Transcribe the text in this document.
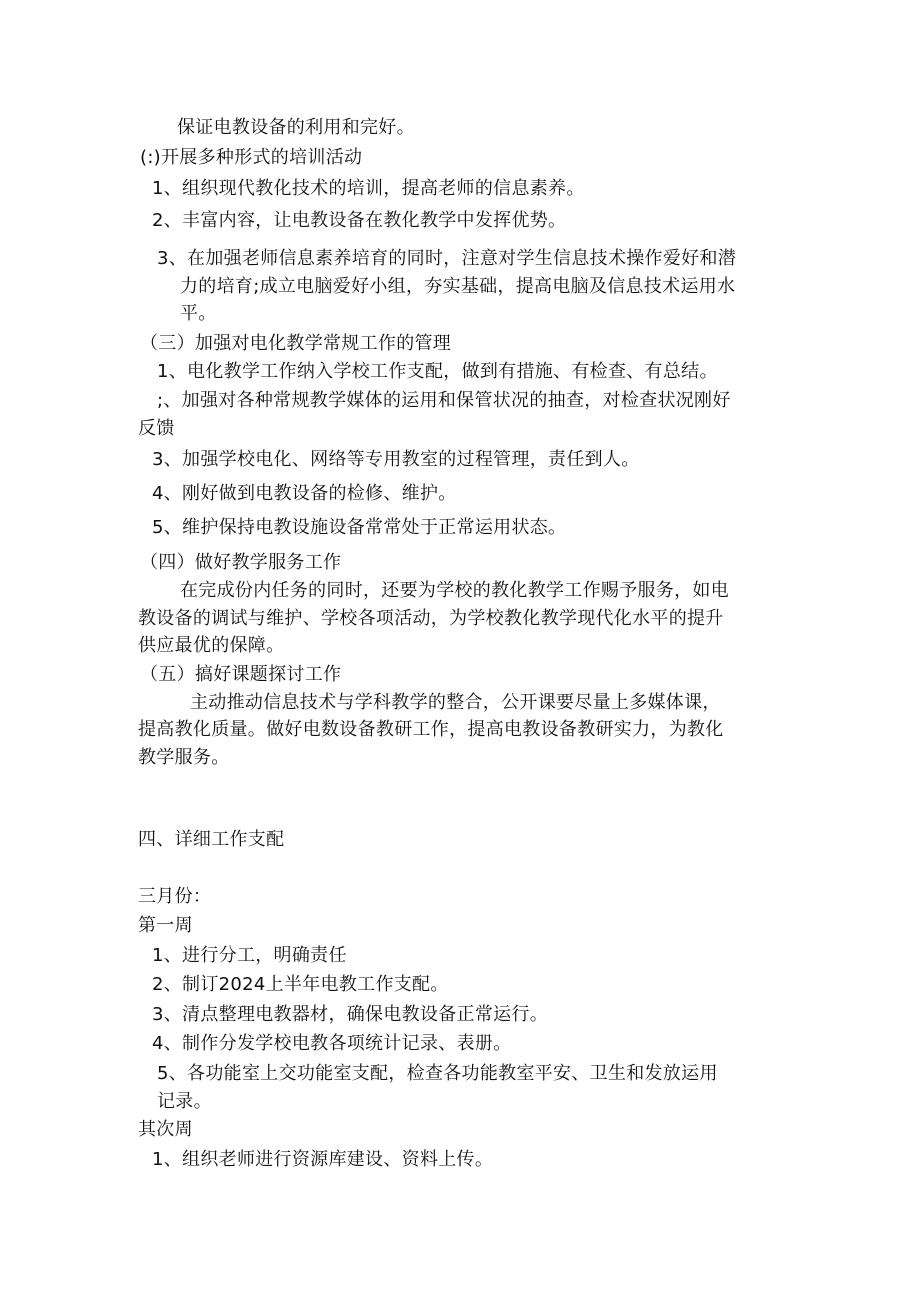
保证电教设备的利用和完好。
(:)开展多种形式的培训活动
1、组织现代教化技术的培训，提高老师的信息素养。
2、丰富内容，让电教设备在教化教学中发挥优势。
3、在加强老师信息素养培育的同时，注意对学生信息技术操作爱好和潜
力的培育;成立电脑爱好小组，夯实基础，提高电脑及信息技术运用水
平。
（三）加强对电化教学常规工作的管理
1、电化教学工作纳入学校工作支配，做到有措施、有检查、有总结。
;、加强对各种常规教学媒体的运用和保管状况的抽查，对检查状况刚好
反馈
3、加强学校电化、网络等专用教室的过程管理，责任到人。
4、刚好做到电教设备的检修、维护。
5、维护保持电教设施设备常常处于正常运用状态。
（四）做好教学服务工作
在完成份内任务的同时，还要为学校的教化教学工作赐予服务，如电
教设备的调试与维护、学校各项活动，为学校教化教学现代化水平的提升
供应最优的保障。
（五）搞好课题探讨工作
主动推动信息技术与学科教学的整合，公开课要尽量上多媒体课，
提高教化质量。做好电数设备教研工作，提高电教设备教研实力，为教化
教学服务。
四、详细工作支配
三月份：
第一周
1、进行分工，明确责任
2、制订2024上半年电教工作支配。
3、清点整理电教器材，确保电教设备正常运行。
4、制作分发学校电教各项统计记录、表册。
5、各功能室上交功能室支配，检查各功能教室平安、卫生和发放运用
记录。
其次周
1、组织老师进行资源库建设、资料上传。
